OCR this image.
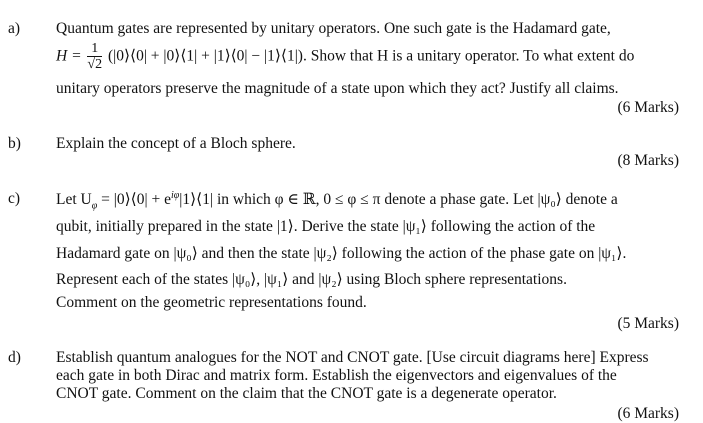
a) Quantum gates are represented by unitary operators. One such gate is the Hadamard gate,
$H = \frac{1}{√2}$ (|0⟩⟨0| + |0⟩⟨1| + |1⟩⟨0| − |1⟩⟨1|). Show that H is a unitary operator. To what extent do
unitary operators preserve the magnitude of a state upon which they act? Justify all claims.
(6 Marks)
b) Explain the concept of a Bloch sphere.
(8 Marks)
c) Let $U_\varphi$ = |0⟩⟨0| + $e^{i\varphi}|1⟩⟨1|$ in which φ ∈ ℝ, 0 ≤ φ ≤ π denote a phase gate. Let |ψ₀⟩ denote a
qubit, initially prepared in the state |1⟩. Derive the state |ψ₁⟩ following the action of the
Hadamard gate on |ψ₀⟩ and then the state |ψ₂⟩ following the action of the phase gate on |ψ₁⟩.
Represent each of the states |ψ₀⟩, |ψ₁⟩ and |ψ₂⟩ using Bloch sphere representations.
Comment on the geometric representations found.
(5 Marks)
d) Establish quantum analogues for the NOT and CNOT gate. [Use circuit diagrams here] Express
each gate in both Dirac and matrix form. Establish the eigenvectors and eigenvalues of the
CNOT gate. Comment on the claim that the CNOT gate is a degenerate operator.
(6 Marks)
